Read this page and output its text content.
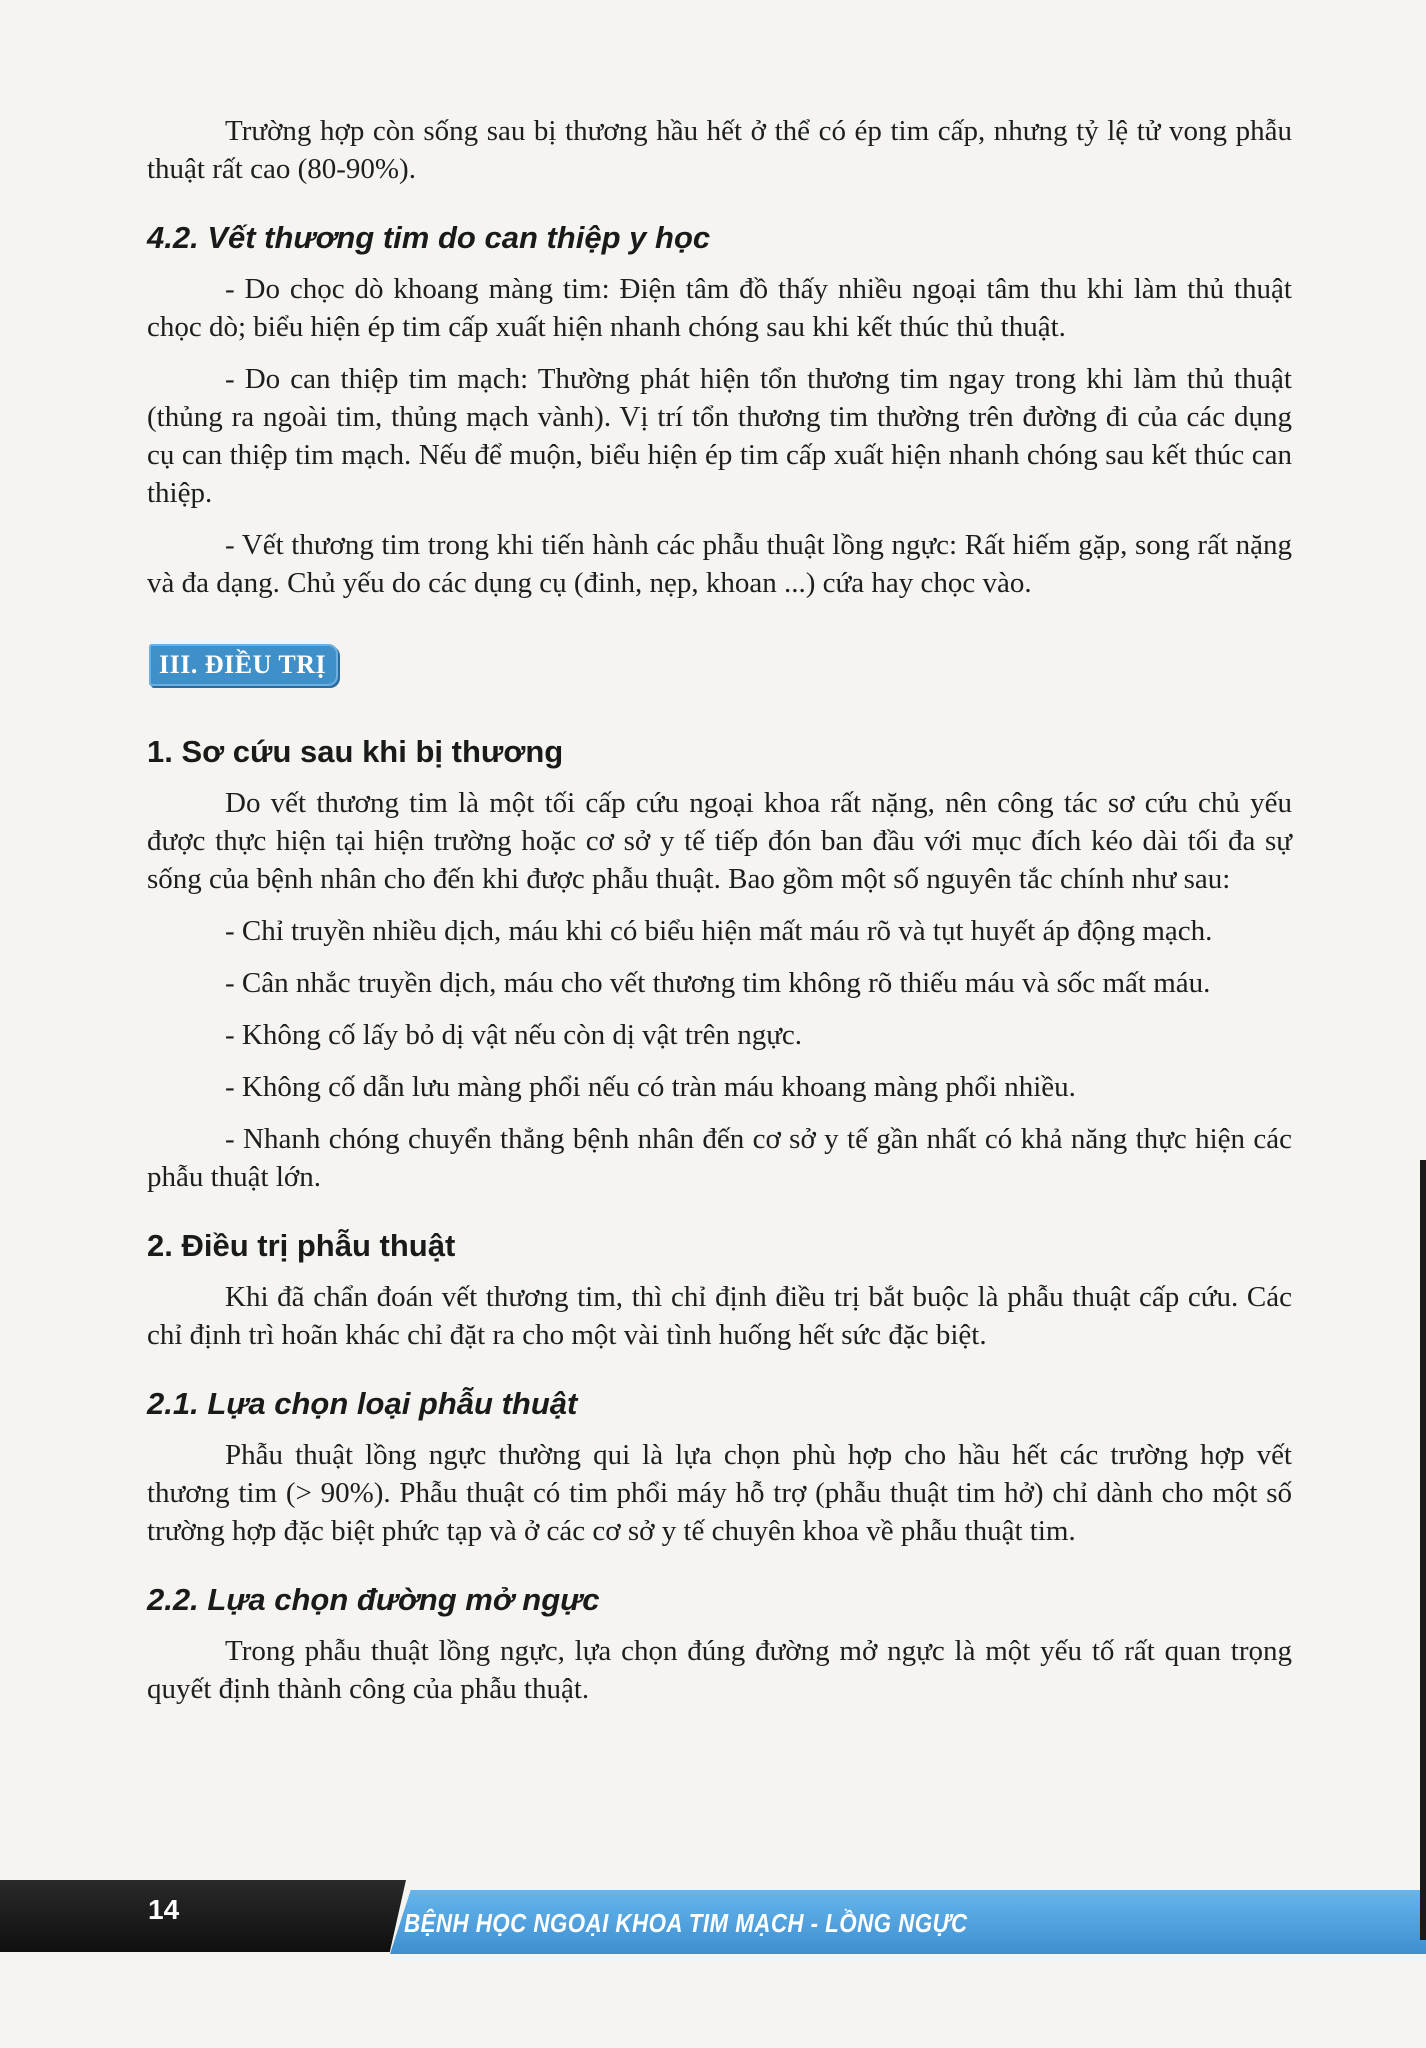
Trường hợp còn sống sau bị thương hầu hết ở thể có ép tim cấp, nhưng tỷ lệ tử vong phẫu thuật rất cao (80-90%).

4.2. Vết thương tim do can thiệp y học

- Do chọc dò khoang màng tim: Điện tâm đồ thấy nhiều ngoại tâm thu khi làm thủ thuật chọc dò; biểu hiện ép tim cấp xuất hiện nhanh chóng sau khi kết thúc thủ thuật.

- Do can thiệp tim mạch: Thường phát hiện tổn thương tim ngay trong khi làm thủ thuật (thủng ra ngoài tim, thủng mạch vành). Vị trí tổn thương tim thường trên đường đi của các dụng cụ can thiệp tim mạch. Nếu để muộn, biểu hiện ép tim cấp xuất hiện nhanh chóng sau kết thúc can thiệp.

- Vết thương tim trong khi tiến hành các phẫu thuật lồng ngực: Rất hiếm gặp, song rất nặng và đa dạng. Chủ yếu do các dụng cụ (đinh, nẹp, khoan ...) cứa hay chọc vào.

III. ĐIỀU TRỊ
1. Sơ cứu sau khi bị thương

Do vết thương tim là một tối cấp cứu ngoại khoa rất nặng, nên công tác sơ cứu chủ yếu được thực hiện tại hiện trường hoặc cơ sở y tế tiếp đón ban đầu với mục đích kéo dài tối đa sự sống của bệnh nhân cho đến khi được phẫu thuật. Bao gồm một số nguyên tắc chính như sau:

- Chỉ truyền nhiều dịch, máu khi có biểu hiện mất máu rõ và tụt huyết áp động mạch.

- Cân nhắc truyền dịch, máu cho vết thương tim không rõ thiếu máu và sốc mất máu.

- Không cố lấy bỏ dị vật nếu còn dị vật trên ngực.

- Không cố dẫn lưu màng phổi nếu có tràn máu khoang màng phổi nhiều.

- Nhanh chóng chuyển thẳng bệnh nhân đến cơ sở y tế gần nhất có khả năng thực hiện các phẫu thuật lớn.

2. Điều trị phẫu thuật

Khi đã chẩn đoán vết thương tim, thì chỉ định điều trị bắt buộc là phẫu thuật cấp cứu. Các chỉ định trì hoãn khác chỉ đặt ra cho một vài tình huống hết sức đặc biệt.

2.1. Lựa chọn loại phẫu thuật

Phẫu thuật lồng ngực thường qui là lựa chọn phù hợp cho hầu hết các trường hợp vết thương tim (> 90%). Phẫu thuật có tim phổi máy hỗ trợ (phẫu thuật tim hở) chỉ dành cho một số trường hợp đặc biệt phức tạp và ở các cơ sở y tế chuyên khoa về phẫu thuật tim.

2.2. Lựa chọn đường mở ngực

Trong phẫu thuật lồng ngực, lựa chọn đúng đường mở ngực là một yếu tố rất quan trọng quyết định thành công của phẫu thuật.

14	BỆNH HỌC NGOẠI KHOA TIM MẠCH - LỒNG NGỰC
